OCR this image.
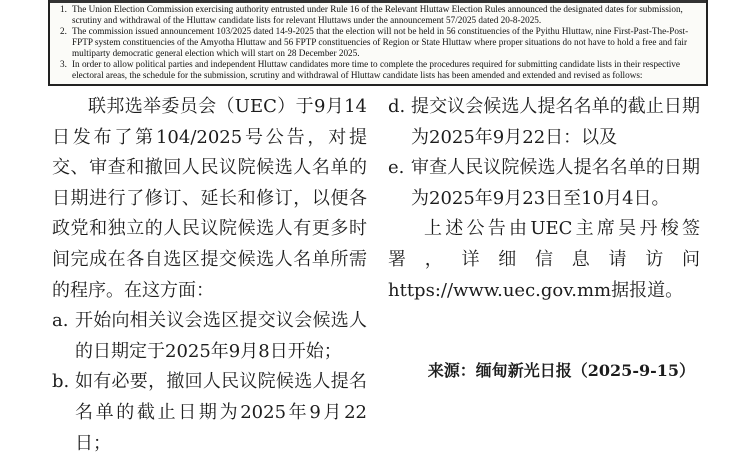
1. The Union Election Commission exercising authority entrusted under Rule 16 of the Relevant Hluttaw Election Rules announced the designated dates for submission, scrutiny and withdrawal of the Hluttaw candidate lists for relevant Hluttaws under the announcement 57/2025 dated 20-8-2025.
2. The commission issued announcement 103/2025 dated 14-9-2025 that the election will not be held in 56 constituencies of the Pyithu Hluttaw, nine First-Past-The-Post-FPTP system constituencies of the Amyotha Hluttaw and 56 FPTP constituencies of Region or State Hluttaw where proper situations do not have to hold a free and fair multiparty democratic general election which will start on 28 December 2025.
3. In order to allow political parties and independent Hluttaw candidates more time to complete the procedures required for submitting candidate lists in their respective electoral areas, the schedule for the submission, scrutiny and withdrawal of Hluttaw candidate lists has been amended and extended and revised as follows:

联邦选举委员会（UEC）于9月14日发布了第104/2025号公告，对提交、审查和撤回人民议院候选人名单的日期进行了修订、延长和修订，以便各政党和独立的人民议院候选人有更多时间完成在各自选区提交候选人名单所需的程序。在这方面：

a. 开始向相关议会选区提交议会候选人的日期定于2025年9月8日开始；
b. 如有必要，撤回人民议院候选人提名名单的截止日期为2025年9月22日；
d. 提交议会候选人提名名单的截止日期为2025年9月22日：以及
e. 审查人民议院候选人提名名单的日期为2025年9月23日至10月4日。

上述公告由UEC主席吴丹梭签署，详细信息请访问https://www.uec.gov.mm据报道。

来源：缅甸新光日报（2025-9-15）
